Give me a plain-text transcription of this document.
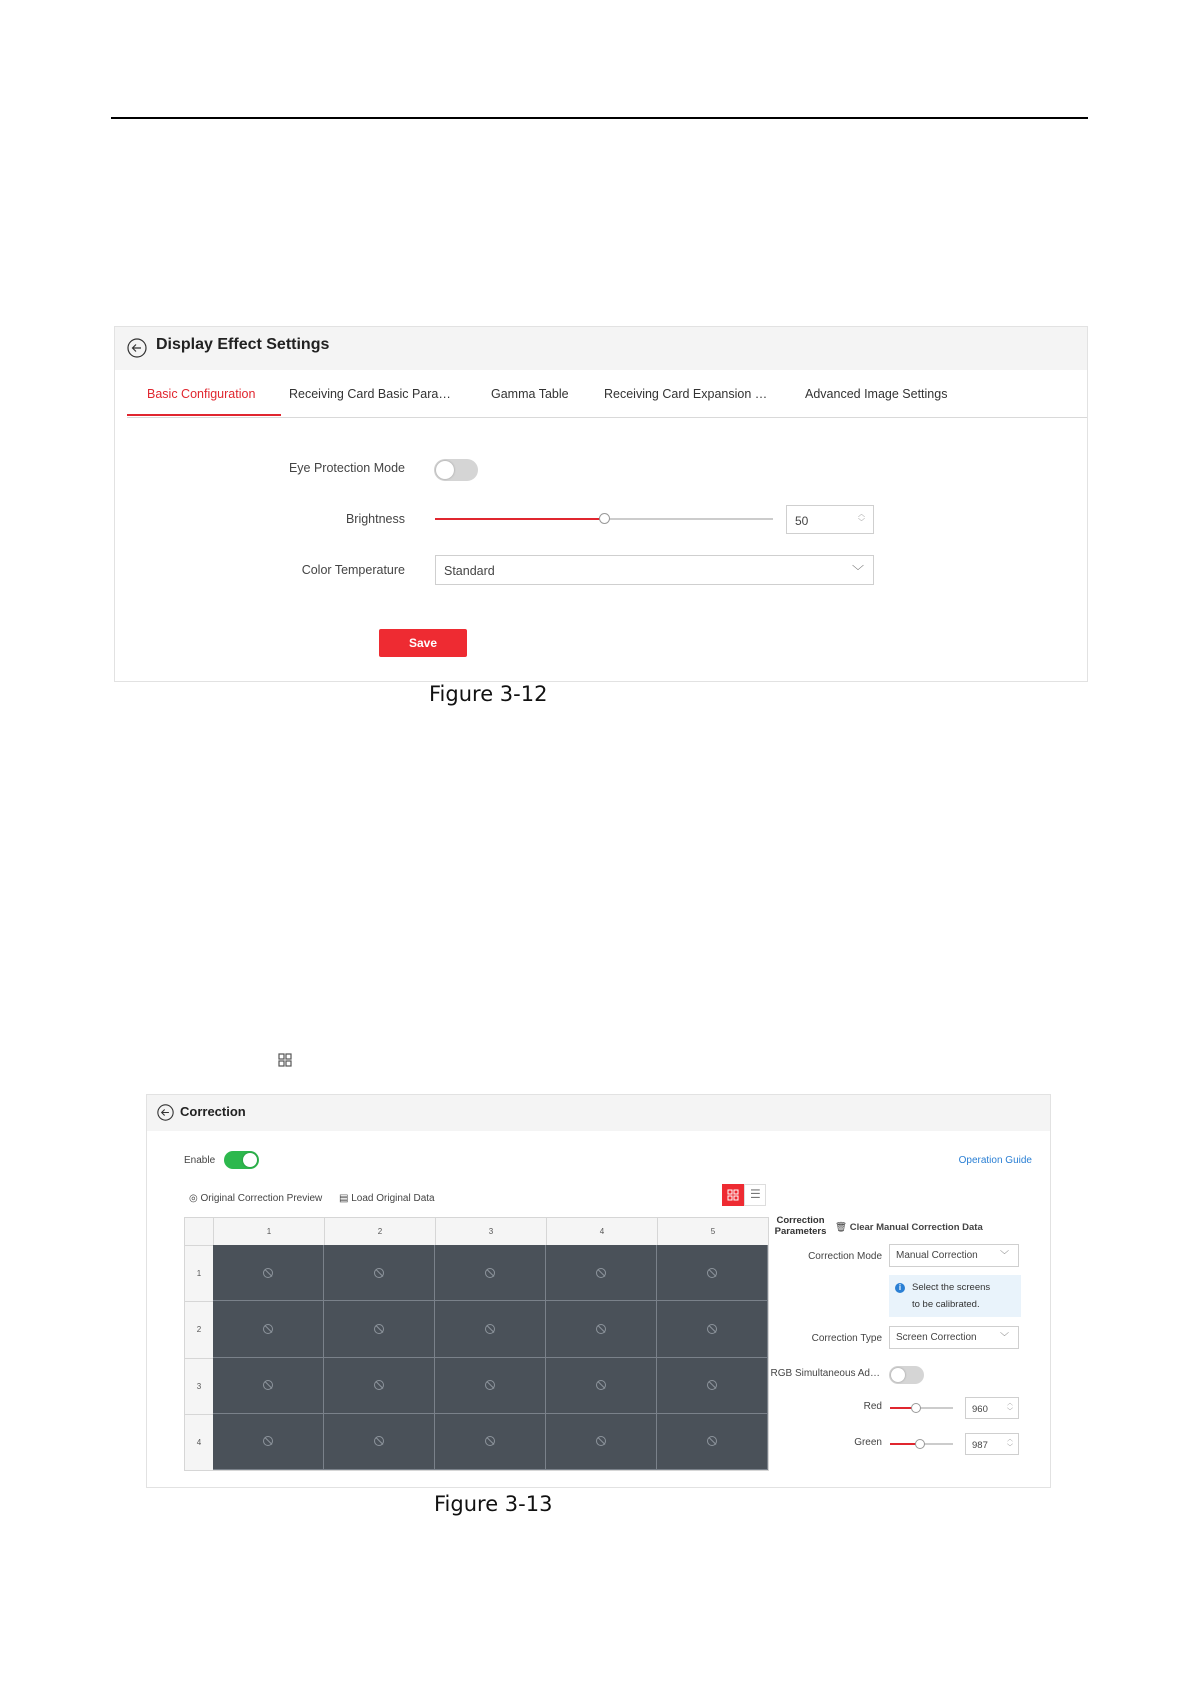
Display Effect Settings
Basic Configuration	Receiving Card Basic Para…	Gamma Table	Receiving Card Expansion …	Advanced Image Settings
Eye Protection Mode
Brightness	50	︿
﹀
Color Temperature	Standard	﹀
Save
Figure 3-12
Correction
Enable	Operation Guide
◎ Original Correction Preview ▤ Load Original Data	☰
1	2	3	4	5
1
2
3
4
Correction Parameters 🗑 Clear Manual Correction Data
Correction Mode Manual Correction ﹀
i	Select the screens
to be calibrated.
Correction Type Screen Correction	﹀
RGB Simultaneous Ad…
Red	960	︿
﹀
Green	987	︿
﹀
Figure 3-13
